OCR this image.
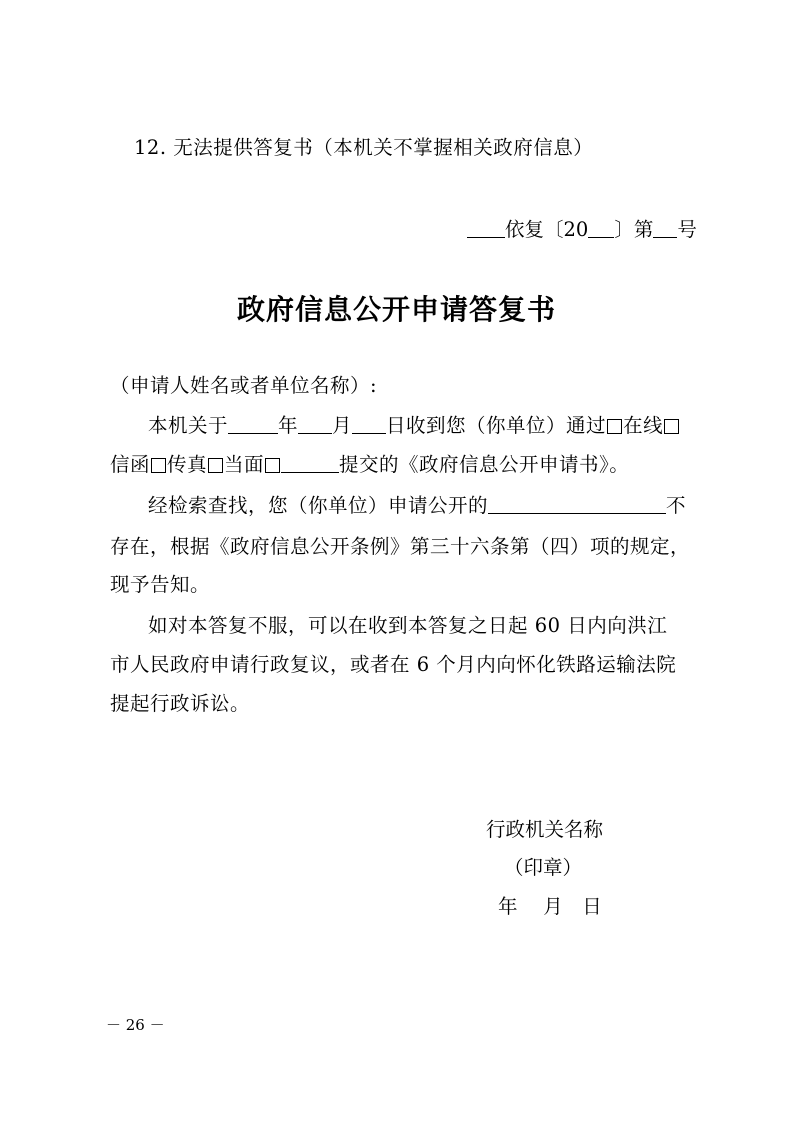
12. 无法提供答复书（本机关不掌握相关政府信息）
依复〔20 〕第 号
政府信息公开申请答复书
（申请人姓名或者单位名称）:
本机关于	年 月 日收到您（你单位）通过 在线
信函 传真 当面	提交的《政府信息公开申请书》。
经检索查找，您（你单位）申请公开的	不
存在，根据《政府信息公开条例》第三十六条第（四）项的规定，
现予告知。
如对本答复不服，可以在收到本答复之日起 60 日内向洪江
市人民政府申请行政复议，或者在 6 个月内向怀化铁路运输法院
提起行政诉讼。
行政机关名称
（印章）
年　 月　日
－ 26 －
